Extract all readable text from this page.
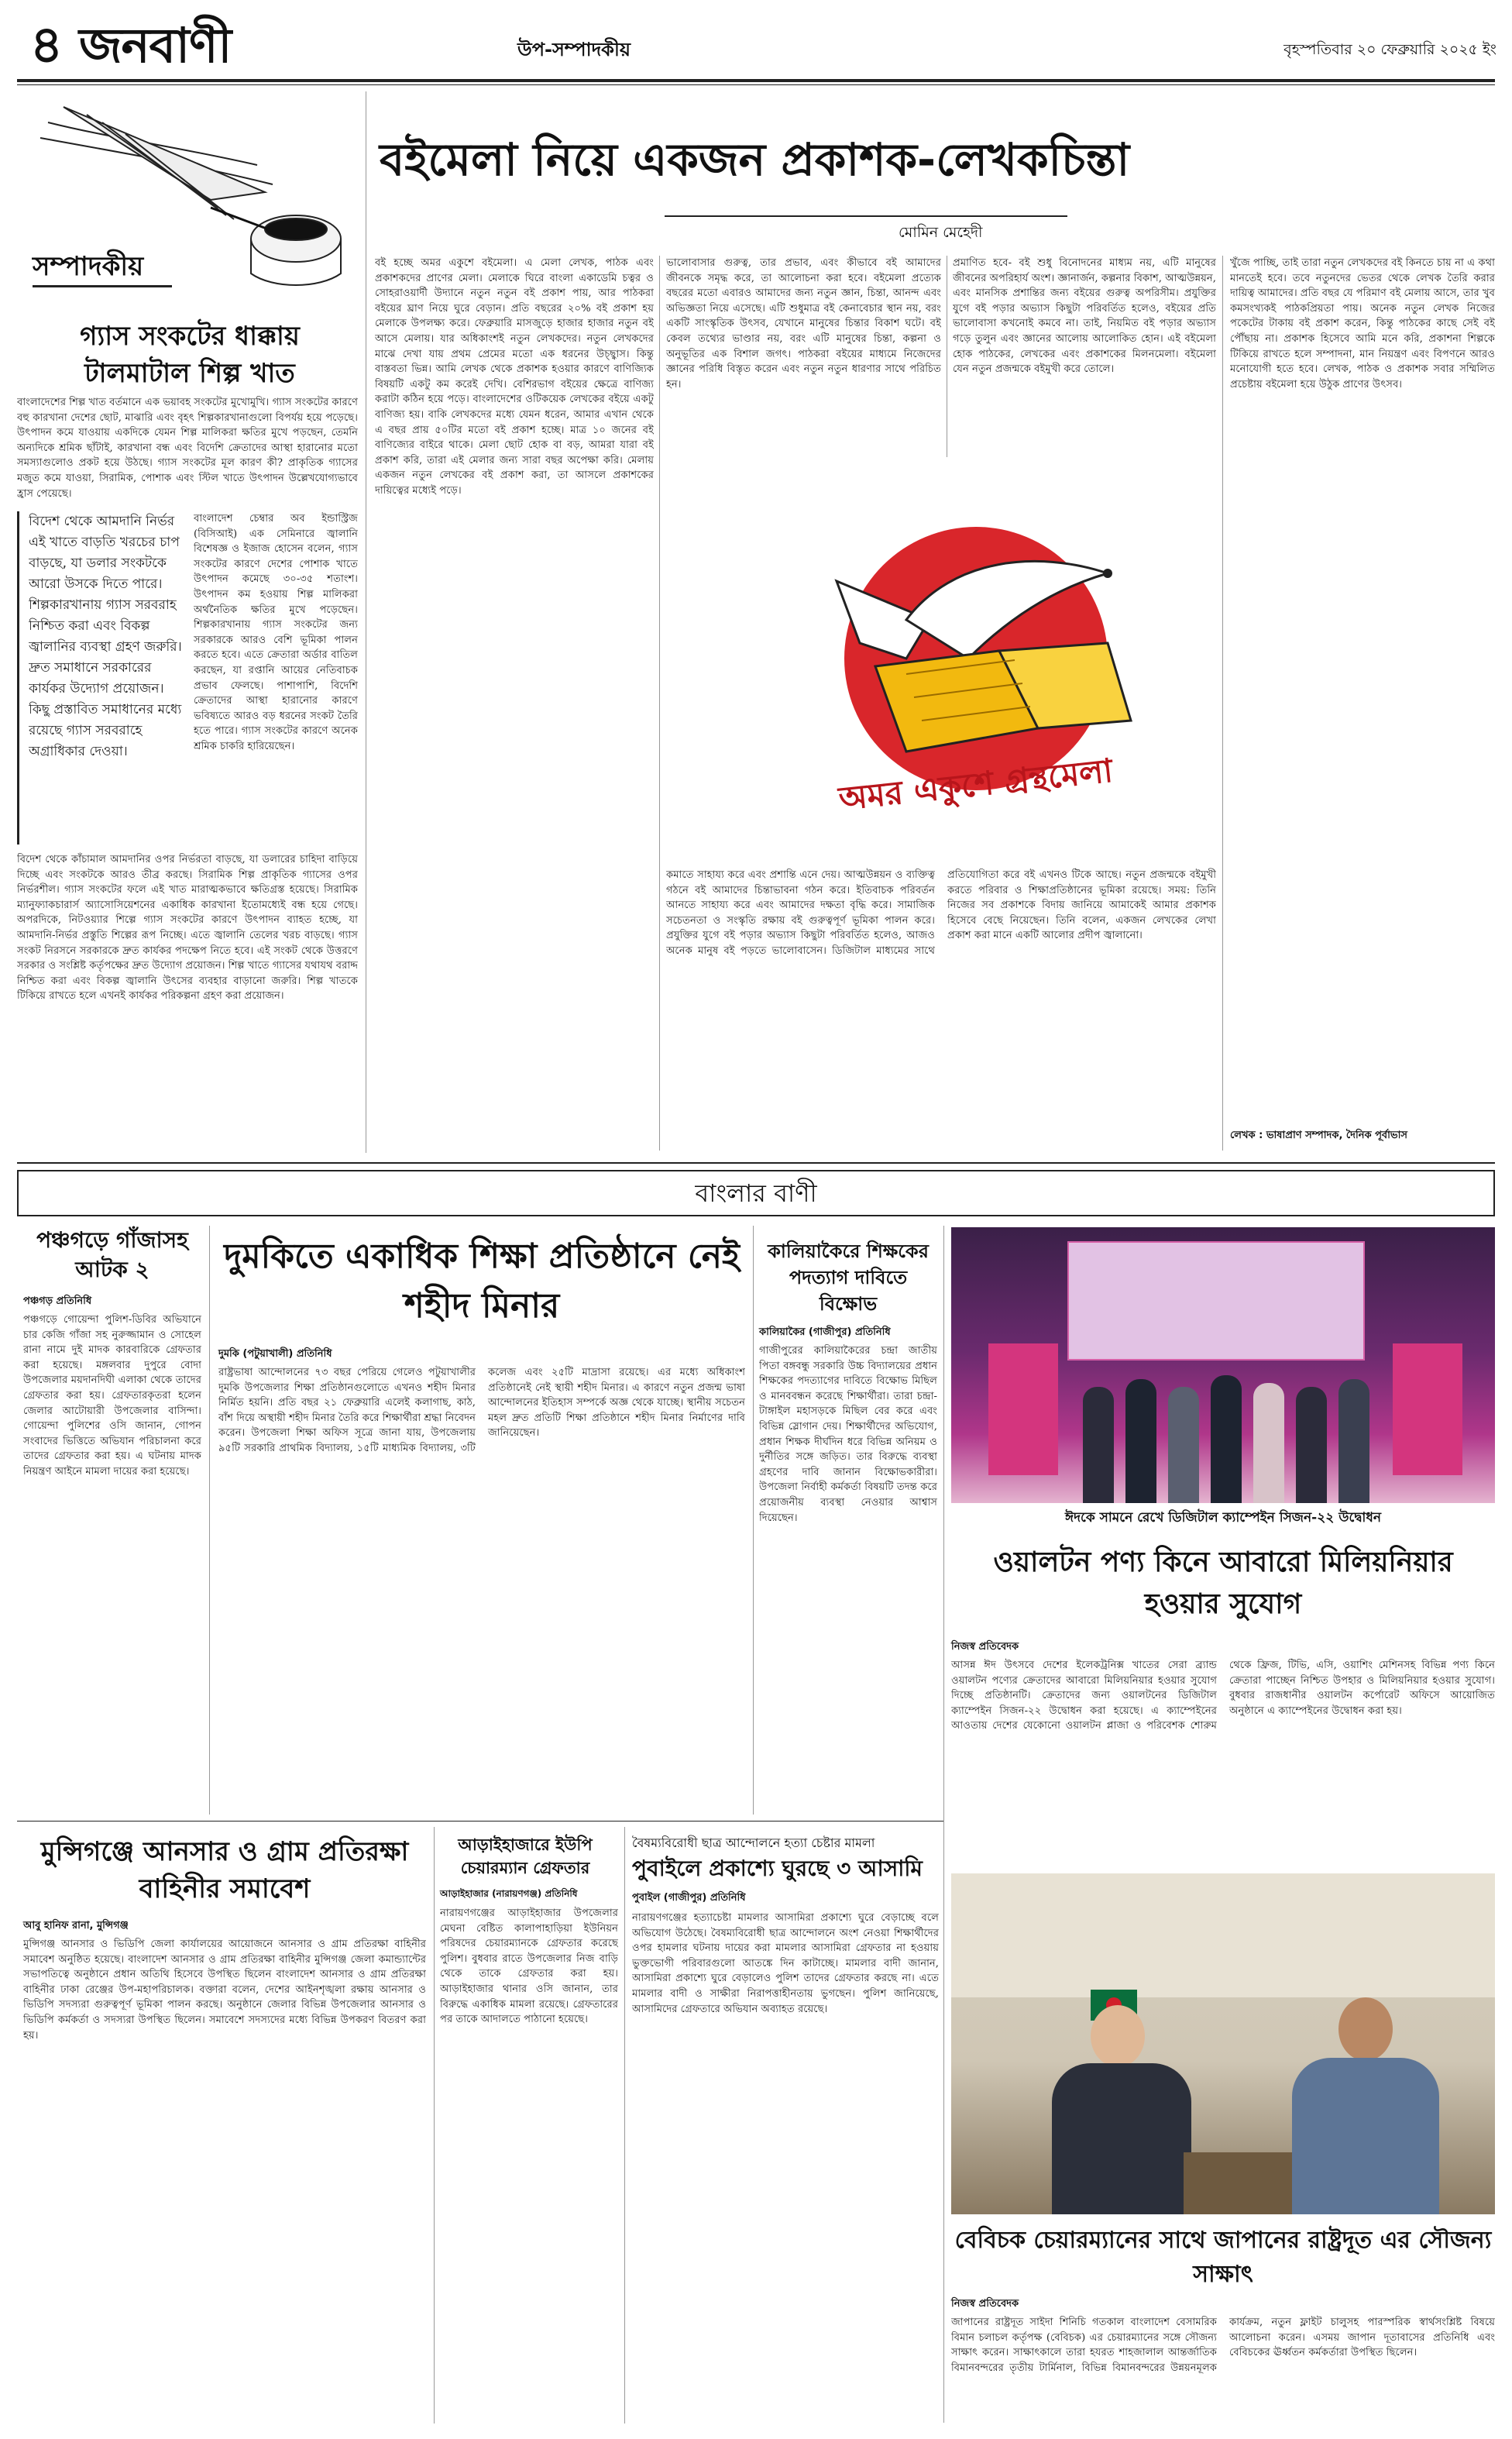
৪ জনবাণী	উপ-সম্পাদকীয়	বৃহস্পতিবার ২০ ফেব্রুয়ারি ২০২৫ ইং
সম্পাদকীয়
গ্যাস সংকটের ধাক্কায় টালমাটাল শিল্প খাত
বাংলাদেশের শিল্প খাত বর্তমানে এক ভয়াবহ সংকটের মুখোমুখি। গ্যাস সংকটের কারণে বহু কারখানা দেশের ছোট, মাঝারি এবং বৃহৎ শিল্পকারখানাগুলো বিপর্যয় হয়ে পড়েছে। উৎপাদন কমে যাওয়ায় একদিকে যেমন শিল্প মালিকরা ক্ষতির মুখে পড়ছেন, তেমনি অন্যদিকে শ্রমিক ছাঁটাই, কারখানা বন্ধ এবং বিদেশি ক্রেতাদের আস্থা হারানোর মতো সমস্যাগুলোও প্রকট হয়ে উঠছে। গ্যাস সংকটের মূল কারণ কী? প্রাকৃতিক গ্যাসের মজুত কমে যাওয়া, সিরামিক, পোশাক এবং স্টিল খাতে উৎপাদন উল্লেখযোগ্যভাবে হ্রাস পেয়েছে।
বিদেশ থেকে আমদানি নির্ভর এই খাতে বাড়তি খরচের চাপ বাড়ছে, যা ডলার সংকটকে আরো উসকে দিতে পারে। শিল্পকারখানায় গ্যাস সরবরাহ নিশ্চিত করা এবং বিকল্প জ্বালানির ব্যবস্থা গ্রহণ জরুরি। দ্রুত সমাধানে সরকারের কার্যকর উদ্যোগ প্রয়োজন। কিছু প্রস্তাবিত সমাধানের মধ্যে রয়েছে গ্যাস সরবরাহে অগ্রাধিকার দেওয়া।
বাংলাদেশ চেম্বার অব ইন্ডাস্ট্রিজ (বিসিআই) এক সেমিনারে জ্বালানি বিশেষজ্ঞ ও ইজাজ হোসেন বলেন, গ্যাস সংকটের কারণে দেশের পোশাক খাতে উৎপাদন কমেছে ৩০-৩৫ শতাংশ। উৎপাদন কম হওয়ায় শিল্প মালিকরা অর্থনৈতিক ক্ষতির মুখে পড়েছেন। শিল্পকারখানায় গ্যাস সংকটের জন্য সরকারকে আরও বেশি ভূমিকা পালন করতে হবে। এতে ক্রেতারা অর্ডার বাতিল করছেন, যা রপ্তানি আয়ের নেতিবাচক প্রভাব ফেলছে। পাশাপাশি, বিদেশি ক্রেতাদের আস্থা হারানোর কারণে ভবিষ্যতে আরও বড় ধরনের সংকট তৈরি হতে পারে। গ্যাস সংকটের কারণে অনেক শ্রমিক চাকরি হারিয়েছেন।
বিদেশ থেকে কাঁচামাল আমদানির ওপর নির্ভরতা বাড়ছে, যা ডলারের চাহিদা বাড়িয়ে দিচ্ছে এবং সংকটকে আরও তীব্র করছে। সিরামিক শিল্প প্রাকৃতিক গ্যাসের ওপর নির্ভরশীল। গ্যাস সংকটের ফলে এই খাত মারাত্মকভাবে ক্ষতিগ্রস্ত হয়েছে। সিরামিক ম্যানুফ্যাকচারার্স অ্যাসোসিয়েশনের একাধিক কারখানা ইতোমধ্যেই বন্ধ হয়ে গেছে। অপরদিকে, নিটওয়্যার শিল্পে গ্যাস সংকটের কারণে উৎপাদন ব্যাহত হচ্ছে, যা আমদানি-নির্ভর প্রস্তুতি শিল্পের রূপ নিচ্ছে। এতে জ্বালানি তেলের খরচ বাড়ছে। গ্যাস সংকট নিরসনে সরকারকে দ্রুত কার্যকর পদক্ষেপ নিতে হবে। এই সংকট থেকে উত্তরণে সরকার ও সংশ্লিষ্ট কর্তৃপক্ষের দ্রুত উদ্যোগ প্রয়োজন। শিল্প খাতে গ্যাসের যথাযথ বরাদ্দ নিশ্চিত করা এবং বিকল্প জ্বালানি উৎসের ব্যবহার বাড়ানো জরুরি। শিল্প খাতকে টিকিয়ে রাখতে হলে এখনই কার্যকর পরিকল্পনা গ্রহণ করা প্রয়োজন।
বইমেলা নিয়ে একজন প্রকাশক-লেখকচিন্তা
মোমিন মেহেদী
বই হচ্ছে অমর একুশে বইমেলা। এ মেলা লেখক, পাঠক এবং প্রকাশকদের প্রাণের মেলা। মেলাকে ঘিরে বাংলা একাডেমি চত্বর ও সোহরাওয়ার্দী উদ্যানে নতুন নতুন বই প্রকাশ পায়, আর পাঠকরা বইয়ের ঘ্রাণ নিয়ে ঘুরে বেড়ান। প্রতি বছরের ২০% বই প্রকাশ হয় মেলাকে উপলক্ষ্য করে। ফেব্রুয়ারি মাসজুড়ে হাজার হাজার নতুন বই আসে মেলায়। যার অধিকাংশই নতুন লেখকদের। নতুন লেখকদের মাঝে দেখা যায় প্রথম প্রেমের মতো এক ধরনের উচ্ছ্বাস। কিন্তু বাস্তবতা ভিন্ন। আমি লেখক থেকে প্রকাশক হওয়ার কারণে বাণিজ্যিক বিষয়টি একটু কম করেই দেখি। বেশিরভাগ বইয়ের ক্ষেত্রে বাণিজ্য করাটা কঠিন হয়ে পড়ে। বাংলাদেশের ওটিকয়েক লেখকের বইয়ে একটু বাণিজ্য হয়। বাকি লেখকদের মধ্যে যেমন ধরেন, আমার এখান থেকে এ বছর প্রায় ৫০টির মতো বই প্রকাশ হচ্ছে। মাত্র ১০ জনের বই বাণিজ্যের বাইরে থাকে। মেলা ছোট হোক বা বড়, আমরা যারা বই প্রকাশ করি, তারা এই মেলার জন্য সারা বছর অপেক্ষা করি। মেলায় একজন নতুন লেখকের বই প্রকাশ করা, তা আসলে প্রকাশকের দায়িত্বের মধ্যেই পড়ে।
ভালোবাসার গুরুত্ব, তার প্রভাব, এবং কীভাবে বই আমাদের জীবনকে সমৃদ্ধ করে, তা আলোচনা করা হবে। বইমেলা প্রত্যেক বছরের মতো এবারও আমাদের জন্য নতুন জ্ঞান, চিন্তা, আনন্দ এবং অভিজ্ঞতা নিয়ে এসেছে। এটি শুধুমাত্র বই কেনাবেচার স্থান নয়, বরং একটি সাংস্কৃতিক উৎসব, যেখানে মানুষের চিন্তার বিকাশ ঘটে। বই কেবল তথ্যের ভাণ্ডার নয়, বরং এটি মানুষের চিন্তা, কল্পনা ও অনুভূতির এক বিশাল জগৎ। পাঠকরা বইয়ের মাধ্যমে নিজেদের জ্ঞানের পরিধি বিস্তৃত করেন এবং নতুন নতুন ধারণার সাথে পরিচিত হন।
প্রমাণিত হবে- বই শুধু বিনোদনের মাধ্যম নয়, এটি মানুষের জীবনের অপরিহার্য অংশ। জ্ঞানার্জন, কল্পনার বিকাশ, আত্মউন্নয়ন, এবং মানসিক প্রশান্তির জন্য বইয়ের গুরুত্ব অপরিসীম। প্রযুক্তির যুগে বই পড়ার অভ্যাস কিছুটা পরিবর্তিত হলেও, বইয়ের প্রতি ভালোবাসা কখনোই কমবে না। তাই, নিয়মিত বই পড়ার অভ্যাস গড়ে তুলুন এবং জ্ঞানের আলোয় আলোকিত হোন। এই বইমেলা হোক পাঠকের, লেখকের এবং প্রকাশকের মিলনমেলা। বইমেলা যেন নতুন প্রজন্মকে বইমুখী করে তোলে।
অমর একুশে গ্রন্থমেলা
কমাতে সাহায্য করে এবং প্রশান্তি এনে দেয়। আত্মউন্নয়ন ও ব্যক্তিত্ব গঠনে বই আমাদের চিন্তাভাবনা গঠন করে। ইতিবাচক পরিবর্তন আনতে সাহায্য করে এবং আমাদের দক্ষতা বৃদ্ধি করে। সামাজিক সচেতনতা ও সংস্কৃতি রক্ষায় বই গুরুত্বপূর্ণ ভূমিকা পালন করে। প্রযুক্তির যুগে বই পড়ার অভ্যাস কিছুটা পরিবর্তিত হলেও, আজও অনেক মানুষ বই পড়তে ভালোবাসেন। ডিজিটাল মাধ্যমের সাথে প্রতিযোগিতা করে বই এখনও টিকে আছে। নতুন প্রজন্মকে বইমুখী করতে পরিবার ও শিক্ষাপ্রতিষ্ঠানের ভূমিকা রয়েছে। সময়: তিনি নিজের সব প্রকাশকে বিদায় জানিয়ে আমাকেই আমার প্রকাশক হিসেবে বেছে নিয়েছেন। তিনি বলেন, একজন লেখকের লেখা প্রকাশ করা মানে একটি আলোর প্রদীপ জ্বালানো।
খুঁজে পাচ্ছি, তাই তারা নতুন লেখকদের বই কিনতে চায় না এ কথা মানতেই হবে। তবে নতুনদের ভেতর থেকে লেখক তৈরি করার দায়িত্ব আমাদের। প্রতি বছর যে পরিমাণ বই মেলায় আসে, তার খুব কমসংখ্যকই পাঠকপ্রিয়তা পায়। অনেক নতুন লেখক নিজের পকেটের টাকায় বই প্রকাশ করেন, কিন্তু পাঠকের কাছে সেই বই পৌঁছায় না। প্রকাশক হিসেবে আমি মনে করি, প্রকাশনা শিল্পকে টিকিয়ে রাখতে হলে সম্পাদনা, মান নিয়ন্ত্রণ এবং বিপণনে আরও মনোযোগী হতে হবে। লেখক, পাঠক ও প্রকাশক সবার সম্মিলিত প্রচেষ্টায় বইমেলা হয়ে উঠুক প্রাণের উৎসব।
লেখক : ভাষাপ্রাণ সম্পাদক, দৈনিক পূর্বাভাস
বাংলার বাণী
পঞ্চগড়ে গাঁজাসহ আটক ২
পঞ্চগড় প্রতিনিধি
পঞ্চগড়ে গোয়েন্দা পুলিশ-ডিবির অভিযানে চার কেজি গাঁজা সহ নুরুজ্জামান ও সোহেল রানা নামে দুই মাদক কারবারিকে গ্রেফতার করা হয়েছে। মঙ্গলবার দুপুরে বোদা উপজেলার ময়দানদিঘী এলাকা থেকে তাদের গ্রেফতার করা হয়। গ্রেফতারকৃতরা হলেন জেলার আটোয়ারী উপজেলার বাসিন্দা। গোয়েন্দা পুলিশের ওসি জানান, গোপন সংবাদের ভিত্তিতে অভিযান পরিচালনা করে তাদের গ্রেফতার করা হয়। এ ঘটনায় মাদক নিয়ন্ত্রণ আইনে মামলা দায়ের করা হয়েছে।
দুমকিতে একাধিক শিক্ষা প্রতিষ্ঠানে নেই শহীদ মিনার
দুমকি (পটুয়াখালী) প্রতিনিধি
রাষ্ট্রভাষা আন্দোলনের ৭৩ বছর পেরিয়ে গেলেও পটুয়াখালীর দুমকি উপজেলার শিক্ষা প্রতিষ্ঠানগুলোতে এখনও শহীদ মিনার নির্মিত হয়নি। প্রতি বছর ২১ ফেব্রুয়ারি এলেই কলাগাছ, কাঠ, বাঁশ দিয়ে অস্থায়ী শহীদ মিনার তৈরি করে শিক্ষার্থীরা শ্রদ্ধা নিবেদন করেন। উপজেলা শিক্ষা অফিস সূত্রে জানা যায়, উপজেলায় ৯৫টি সরকারি প্রাথমিক বিদ্যালয়, ১৫টি মাধ্যমিক বিদ্যালয়, ৩টি কলেজ এবং ২৫টি মাদ্রাসা রয়েছে। এর মধ্যে অধিকাংশ প্রতিষ্ঠানেই নেই স্থায়ী শহীদ মিনার। এ কারণে নতুন প্রজন্ম ভাষা আন্দোলনের ইতিহাস সম্পর্কে অজ্ঞ থেকে যাচ্ছে। স্থানীয় সচেতন মহল দ্রুত প্রতিটি শিক্ষা প্রতিষ্ঠানে শহীদ মিনার নির্মাণের দাবি জানিয়েছেন।
কালিয়াকৈরে শিক্ষকের পদত্যাগ দাবিতে বিক্ষোভ
কালিয়াকৈর (গাজীপুর) প্রতিনিধি
গাজীপুরের কালিয়াকৈরের চন্দ্রা জাতীয় পিতা বঙ্গবন্ধু সরকারি উচ্চ বিদ্যালয়ের প্রধান শিক্ষকের পদত্যাগের দাবিতে বিক্ষোভ মিছিল ও মানববন্ধন করেছে শিক্ষার্থীরা। তারা চন্দ্রা-টাঙ্গাইল মহাসড়কে মিছিল বের করে এবং বিভিন্ন স্লোগান দেয়। শিক্ষার্থীদের অভিযোগ, প্রধান শিক্ষক দীর্ঘদিন ধরে বিভিন্ন অনিয়ম ও দুর্নীতির সঙ্গে জড়িত। তার বিরুদ্ধে ব্যবস্থা গ্রহণের দাবি জানান বিক্ষোভকারীরা। উপজেলা নির্বাহী কর্মকর্তা বিষয়টি তদন্ত করে প্রয়োজনীয় ব্যবস্থা নেওয়ার আশ্বাস দিয়েছেন।	ঈদকে সামনে রেখে ডিজিটাল ক্যাম্পেইন সিজন-২২ উদ্বোধন
ওয়ালটন পণ্য কিনে আবারো মিলিয়নিয়ার হওয়ার সুযোগ
নিজস্ব প্রতিবেদক
আসন্ন ঈদ উৎসবে দেশের ইলেকট্রনিক্স খাতের সেরা ব্র্যান্ড ওয়ালটন পণ্যের ক্রেতাদের আবারো মিলিয়নিয়ার হওয়ার সুযোগ দিচ্ছে প্রতিষ্ঠানটি। ক্রেতাদের জন্য ওয়ালটনের ডিজিটাল ক্যাম্পেইন সিজন-২২ উদ্বোধন করা হয়েছে। এ ক্যাম্পেইনের আওতায় দেশের যেকোনো ওয়ালটন প্লাজা ও পরিবেশক শোরুম থেকে ফ্রিজ, টিভি, এসি, ওয়াশিং মেশিনসহ বিভিন্ন পণ্য কিনে ক্রেতারা পাচ্ছেন নিশ্চিত উপহার ও মিলিয়নিয়ার হওয়ার সুযোগ। বুধবার রাজধানীর ওয়ালটন কর্পোরেট অফিসে আয়োজিত অনুষ্ঠানে এ ক্যাম্পেইনের উদ্বোধন করা হয়।
মুন্সিগঞ্জে আনসার ও গ্রাম প্রতিরক্ষা বাহিনীর সমাবেশ
আবু হানিফ রানা, মুন্সিগঞ্জ
মুন্সিগঞ্জ আনসার ও ভিডিপি জেলা কার্যালয়ের আয়োজনে আনসার ও গ্রাম প্রতিরক্ষা বাহিনীর সমাবেশ অনুষ্ঠিত হয়েছে। বাংলাদেশ আনসার ও গ্রাম প্রতিরক্ষা বাহিনীর মুন্সিগঞ্জ জেলা কমান্ড্যান্টের সভাপতিত্বে অনুষ্ঠানে প্রধান অতিথি হিসেবে উপস্থিত ছিলেন বাংলাদেশ আনসার ও গ্রাম প্রতিরক্ষা বাহিনীর ঢাকা রেঞ্জের উপ-মহাপরিচালক। বক্তারা বলেন, দেশের আইনশৃঙ্খলা রক্ষায় আনসার ও ভিডিপি সদস্যরা গুরুত্বপূর্ণ ভূমিকা পালন করছে। অনুষ্ঠানে জেলার বিভিন্ন উপজেলার আনসার ও ভিডিপি কর্মকর্তা ও সদস্যরা উপস্থিত ছিলেন। সমাবেশে সদস্যদের মধ্যে বিভিন্ন উপকরণ বিতরণ করা হয়।
আড়াইহাজারে ইউপি চেয়ারম্যান গ্রেফতার
আড়াইহাজার (নারায়ণগঞ্জ) প্রতিনিধি
নারায়ণগঞ্জের আড়াইহাজার উপজেলার মেঘনা বেষ্টিত কালাপাহাড়িয়া ইউনিয়ন পরিষদের চেয়ারম্যানকে গ্রেফতার করেছে পুলিশ। বুধবার রাতে উপজেলার নিজ বাড়ি থেকে তাকে গ্রেফতার করা হয়। আড়াইহাজার থানার ওসি জানান, তার বিরুদ্ধে একাধিক মামলা রয়েছে। গ্রেফতারের পর তাকে আদালতে পাঠানো হয়েছে।
বৈষম্যবিরোধী ছাত্র আন্দোলনে হত্যা চেষ্টার মামলা
পুবাইলে প্রকাশ্যে ঘুরছে ৩ আসামি
পুবাইল (গাজীপুর) প্রতিনিধি
নারায়ণগঞ্জের হত্যাচেষ্টা মামলার আসামিরা প্রকাশ্যে ঘুরে বেড়াচ্ছে বলে অভিযোগ উঠেছে। বৈষম্যবিরোধী ছাত্র আন্দোলনে অংশ নেওয়া শিক্ষার্থীদের ওপর হামলার ঘটনায় দায়ের করা মামলার আসামিরা গ্রেফতার না হওয়ায় ভুক্তভোগী পরিবারগুলো আতঙ্কে দিন কাটাচ্ছে। মামলার বাদী জানান, আসামিরা প্রকাশ্যে ঘুরে বেড়ালেও পুলিশ তাদের গ্রেফতার করছে না। এতে মামলার বাদী ও সাক্ষীরা নিরাপত্তাহীনতায় ভুগছেন। পুলিশ জানিয়েছে, আসামিদের গ্রেফতারে অভিযান অব্যাহত রয়েছে।
বেবিচক চেয়ারম্যানের সাথে জাপানের রাষ্ট্রদূত এর সৌজন্য সাক্ষাৎ
নিজস্ব প্রতিবেদক
জাপানের রাষ্ট্রদূত সাইদা শিনিচি গতকাল বাংলাদেশ বেসামরিক বিমান চলাচল কর্তৃপক্ষ (বেবিচক) এর চেয়ারম্যানের সঙ্গে সৌজন্য সাক্ষাৎ করেন। সাক্ষাৎকালে তারা হযরত শাহজালাল আন্তর্জাতিক বিমানবন্দরের তৃতীয় টার্মিনাল, বিভিন্ন বিমানবন্দরের উন্নয়নমূলক কার্যক্রম, নতুন ফ্লাইট চালুসহ পারস্পরিক স্বার্থসংশ্লিষ্ট বিষয়ে আলোচনা করেন। এসময় জাপান দূতাবাসের প্রতিনিধি এবং বেবিচকের ঊর্ধ্বতন কর্মকর্তারা উপস্থিত ছিলেন।
